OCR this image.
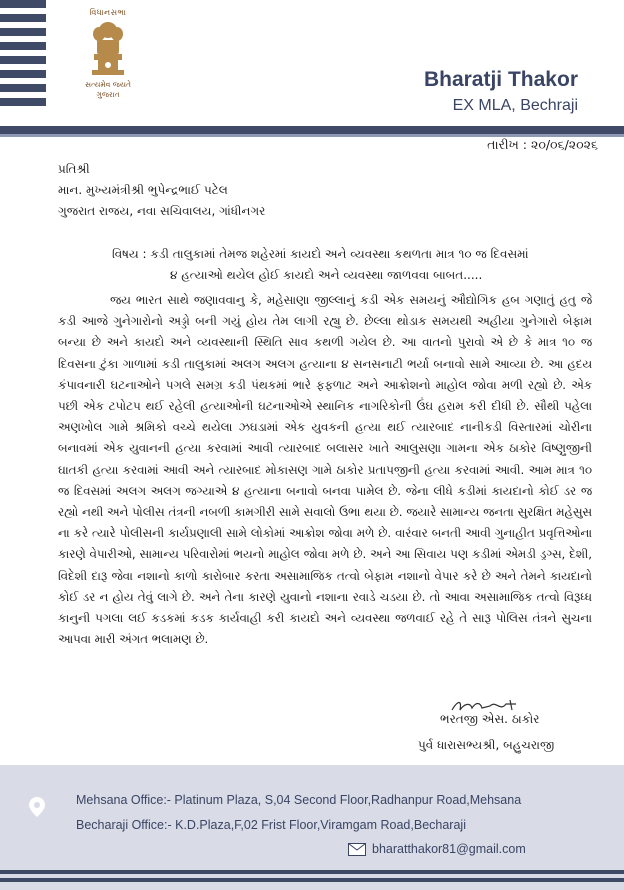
વિધાનસભા
સત્યમેવ જયતે
ગુજરાત
Bharatji Thakor
EX MLA, Bechraji
તારીખ : ૨૦/૦૬/૨૦૨૬
પ્રતિશ્રી
માન. મુખ્યમંત્રીશ્રી ભુપેન્દ્રભાઈ પટેલ
ગુજરાત રાજય, નવા સચિવાલય, ગાંધીનગર
વિષય : કડી તાલુકામાં તેમજ શહેરમાં કાયદો અને વ્યવસ્થા કથળતા માત્ર ૧૦ જ દિવસમાં
૪ હત્યાઓ થયેલ હોઈ કાયદો અને વ્યવસ્થા જાળવવા બાબત.....
જય ભારત સાથે જણાવવાનુ કે, મહેસાણા જીલ્લાનું કડી એક સમયનું ઔદ્યોગિક હબ ગણાતું હતુ જે કડી આજે ગુનેગારોનો અડ્ડો બની ગયું હોય તેમ લાગી રહ્યુ છે. છેલ્લા થોડાક સમયથી અહીયા ગુનેગારો બેફામ બન્યા છે અને કાયદો અને વ્યવસ્થાની સ્થિતિ સાવ કથળી ગયેલ છે. આ વાતનો પુરાવો એ છે કે માત્ર ૧૦ જ દિવસના ટુંકા ગાળામાં કડી તાલુકામાં અલગ અલગ હત્યાના ૪ સનસનાટી ભર્યા બનાવો સામે આવ્યા છે. આ હદય કંપાવનારી ઘટનાઓને પગલે સમગ્ર કડી પંથકમાં ભારે ફફળાટ અને આક્રોશનો માહોલ જોવા મળી રહ્યો છે. એક પછી એક ટપોટપ થઈ રહેલી હત્યાઓની ઘટનાઓએ સ્થાનિક નાગરિકોની ઉંઘ હરામ કરી દીધી છે. સૌથી પહેલા અણખોલ ગામે શ્રમિકો વચ્ચે થયેલા ઝઘડામાં એક યુવકની હત્યા થઈ ત્યારબાદ નાનીકડી વિસ્તારમાં ચોરીના બનાવમાં એક યુવાનની હત્યા કરવામાં આવી ત્યારબાદ બલાસર ખાતે આલુસણા ગામના એક ઠાકોર વિષ્ણુજીની ઘાતકી હત્યા કરવામાં આવી અને ત્યારબાદ મોકાસણ ગામે ઠાકોર પ્રતાપજીની હત્યા કરવામાં આવી. આમ માત્ર ૧૦ જ દિવસમાં અલગ અલગ જગ્યાએ ૪ હત્યાના બનાવો બનવા પામેલ છે. જેના લીધે કડીમાં કાયદાનો કોઈ ડર જ રહ્યો નથી અને પોલીસ તંત્રની નબળી કામગીરી સામે સવાલો ઉભા થયા છે. જયારે સામાન્ય જનતા સુરક્ષિત મહેસુસ ના કરે ત્યારે પોલીસની કાર્યપ્રણાલી સામે લોકોમાં આક્રોશ જોવા મળે છે. વારંવાર બનતી આવી ગુનાહીત પ્રવૃત્તિઓના કારણે વેપારીઓ, સામાન્ય પરિવારોમાં ભયનો માહોલ જોવા મળે છે. અને આ સિવાય પણ કડીમાં એમડી ડ્રગ્સ, દેશી, વિદેશી દારૂ જેવા નશાનો કાળો કારોબાર કરતા અસામાજિક તત્વો બેફામ નશાનો વેપાર કરે છે અને તેમને કાયદાનો કોઈ ડર ન હોય તેવું લાગે છે. અને તેના કારણે યુવાનો નશાના રવાડે ચડયા છે. તો આવા અસામાજિક તત્વો વિરૂધ્ધ કાનુની પગલા લઈ કડકમાં કડક કાર્યવાહી કરી કાયદો અને વ્યવસ્થા જળવાઈ રહે તે સારૂ પોલિસ તંત્રને સુચના આપવા મારી અંગત ભલામણ છે.
ભરતજી એસ. ઠાકોર
પુર્વ ધારાસભ્યશ્રી, બહુચરાજી
Mehsana Office:- Platinum Plaza, S,04 Second Floor,Radhanpur Road,Mehsana
Becharaji Office:- K.D.Plaza,F,02 Frist Floor,Viramgam Road,Becharaji
bharatthakor81@gmail.com
